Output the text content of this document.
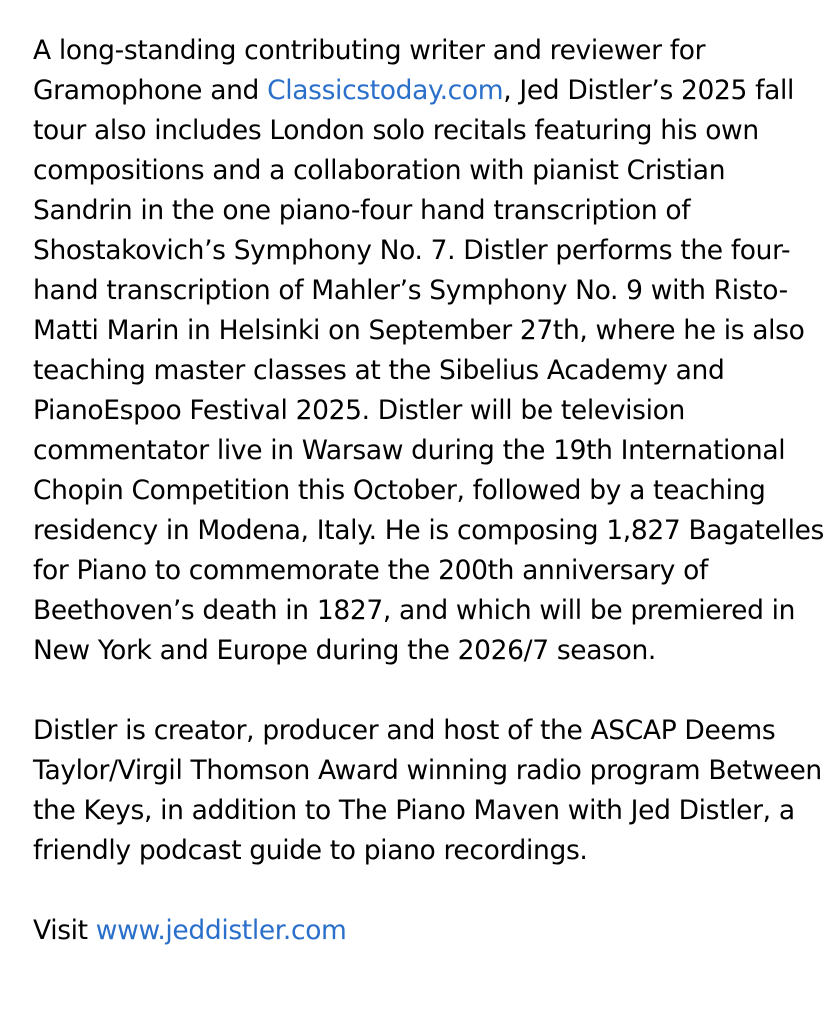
A long-standing contributing writer and reviewer for Gramophone and Classicstoday.com, Jed Distler’s 2025 fall tour also includes London solo recitals featuring his own compositions and a collaboration with pianist Cristian Sandrin in the one piano-four hand transcription of Shostakovich’s Symphony No. 7. Distler performs the four-hand transcription of Mahler’s Symphony No. 9 with Risto-Matti Marin in Helsinki on September 27th, where he is also teaching master classes at the Sibelius Academy and PianoEspoo Festival 2025. Distler will be television commentator live in Warsaw during the 19th International Chopin Competition this October, followed by a teaching residency in Modena, Italy. He is composing 1,827 Bagatelles for Piano to commemorate the 200th anniversary of Beethoven’s death in 1827, and which will be premiered in New York and Europe during the 2026/7 season.

Distler is creator, producer and host of the ASCAP Deems Taylor/Virgil Thomson Award winning radio program Between the Keys, in addition to The Piano Maven with Jed Distler, a friendly podcast guide to piano recordings.

Visit www.jeddistler.com
